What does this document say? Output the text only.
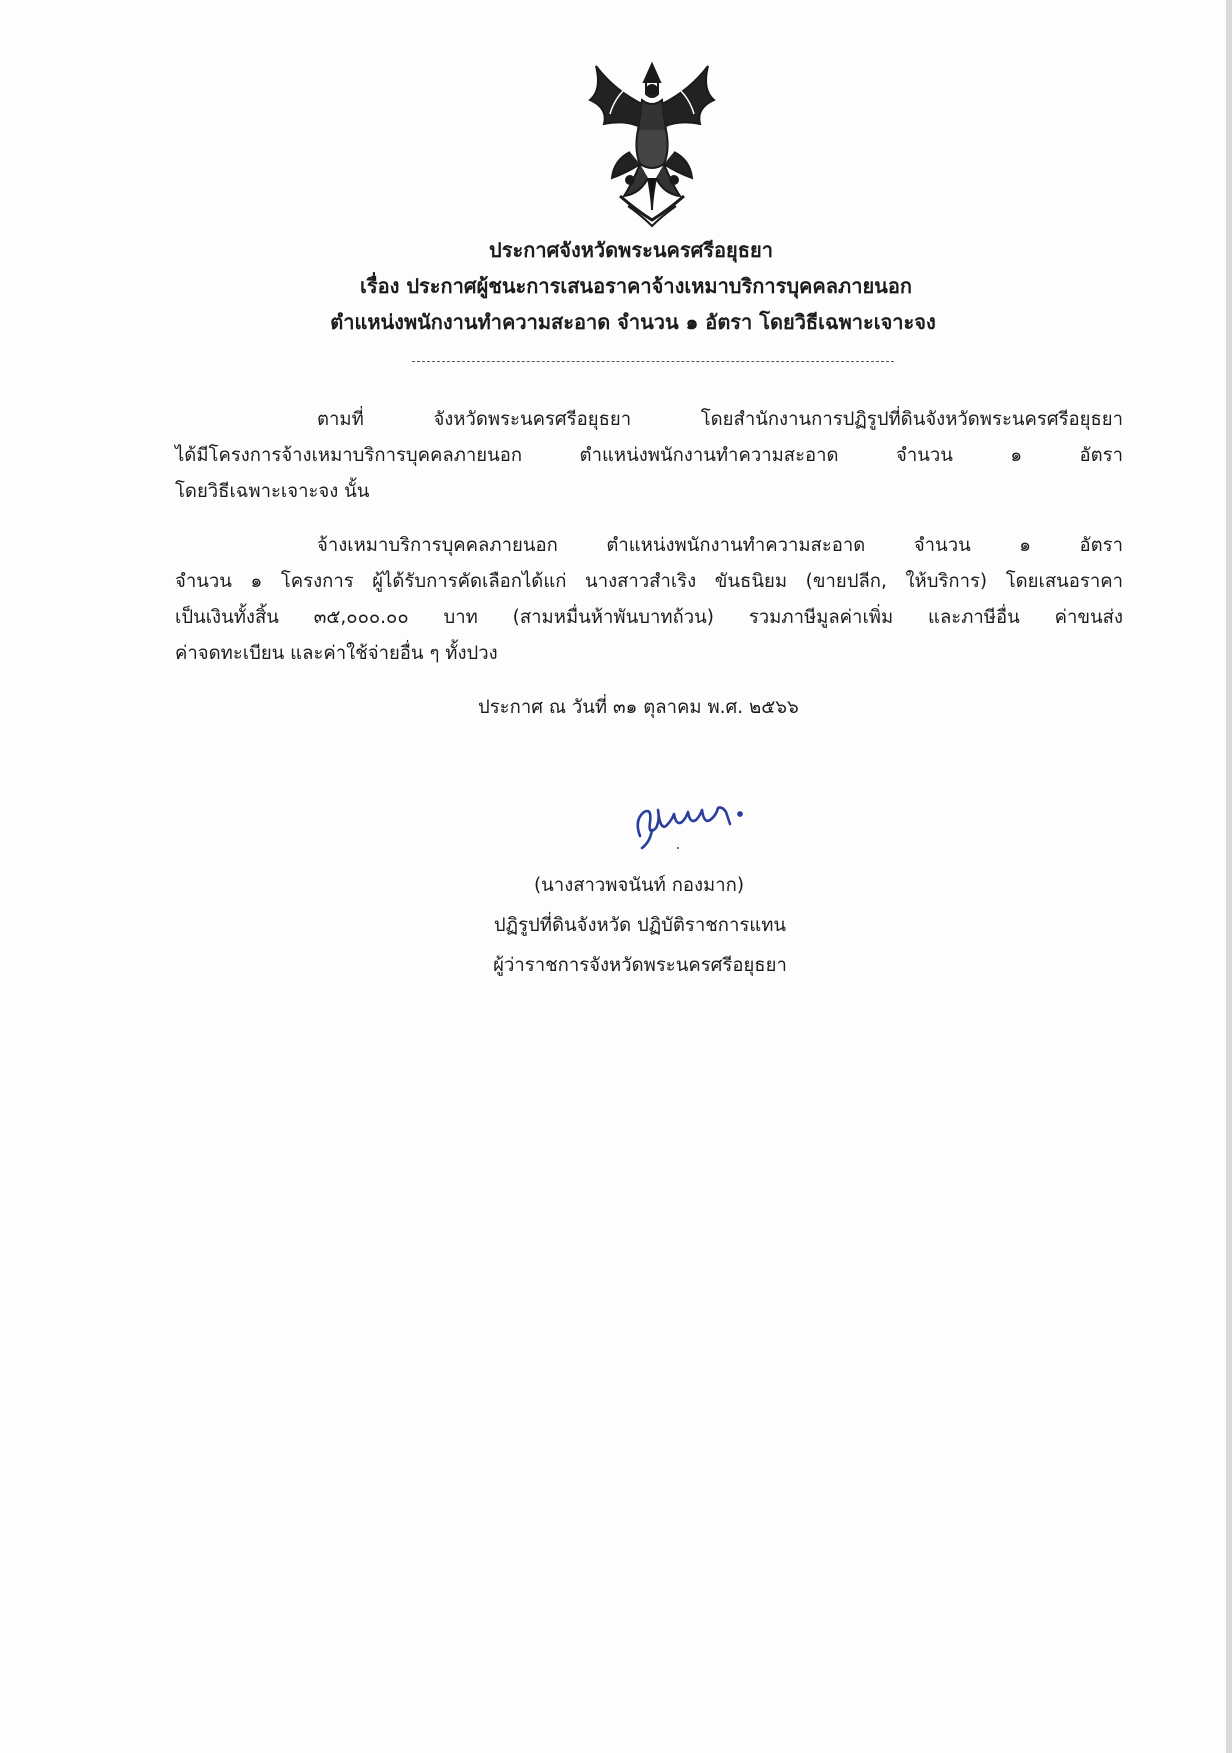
ประกาศจังหวัดพระนครศรีอยุธยา
เรื่อง ประกาศผู้ชนะการเสนอราคาจ้างเหมาบริการบุคคลภายนอก
ตำแหน่งพนักงานทำความสะอาด จำนวน ๑ อัตรา โดยวิธีเฉพาะเจาะจง
ตามที่ จังหวัดพระนครศรีอยุธยา โดยสำนักงานการปฏิรูปที่ดินจังหวัดพระนครศรีอยุธยา
ได้มีโครงการจ้างเหมาบริการบุคคลภายนอก ตำแหน่งพนักงานทำความสะอาด จำนวน ๑ อัตรา
โดยวิธีเฉพาะเจาะจง นั้น
จ้างเหมาบริการบุคคลภายนอก ตำแหน่งพนักงานทำความสะอาด จำนวน ๑ อัตรา
จำนวน ๑ โครงการ ผู้ได้รับการคัดเลือกได้แก่ นางสาวสำเริง ขันธนิยม (ขายปลีก, ให้บริการ) โดยเสนอราคา
เป็นเงินทั้งสิ้น ๓๕,๐๐๐.๐๐ บาท (สามหมื่นห้าพันบาทถ้วน) รวมภาษีมูลค่าเพิ่ม และภาษีอื่น ค่าขนส่ง
ค่าจดทะเบียน และค่าใช้จ่ายอื่น ๆ ทั้งปวง
ประกาศ ณ วันที่ ๓๑ ตุลาคม พ.ศ. ๒๕๖๖
(นางสาวพจนันท์ กองมาก)
ปฏิรูปที่ดินจังหวัด ปฏิบัติราชการแทน
ผู้ว่าราชการจังหวัดพระนครศรีอยุธยา
